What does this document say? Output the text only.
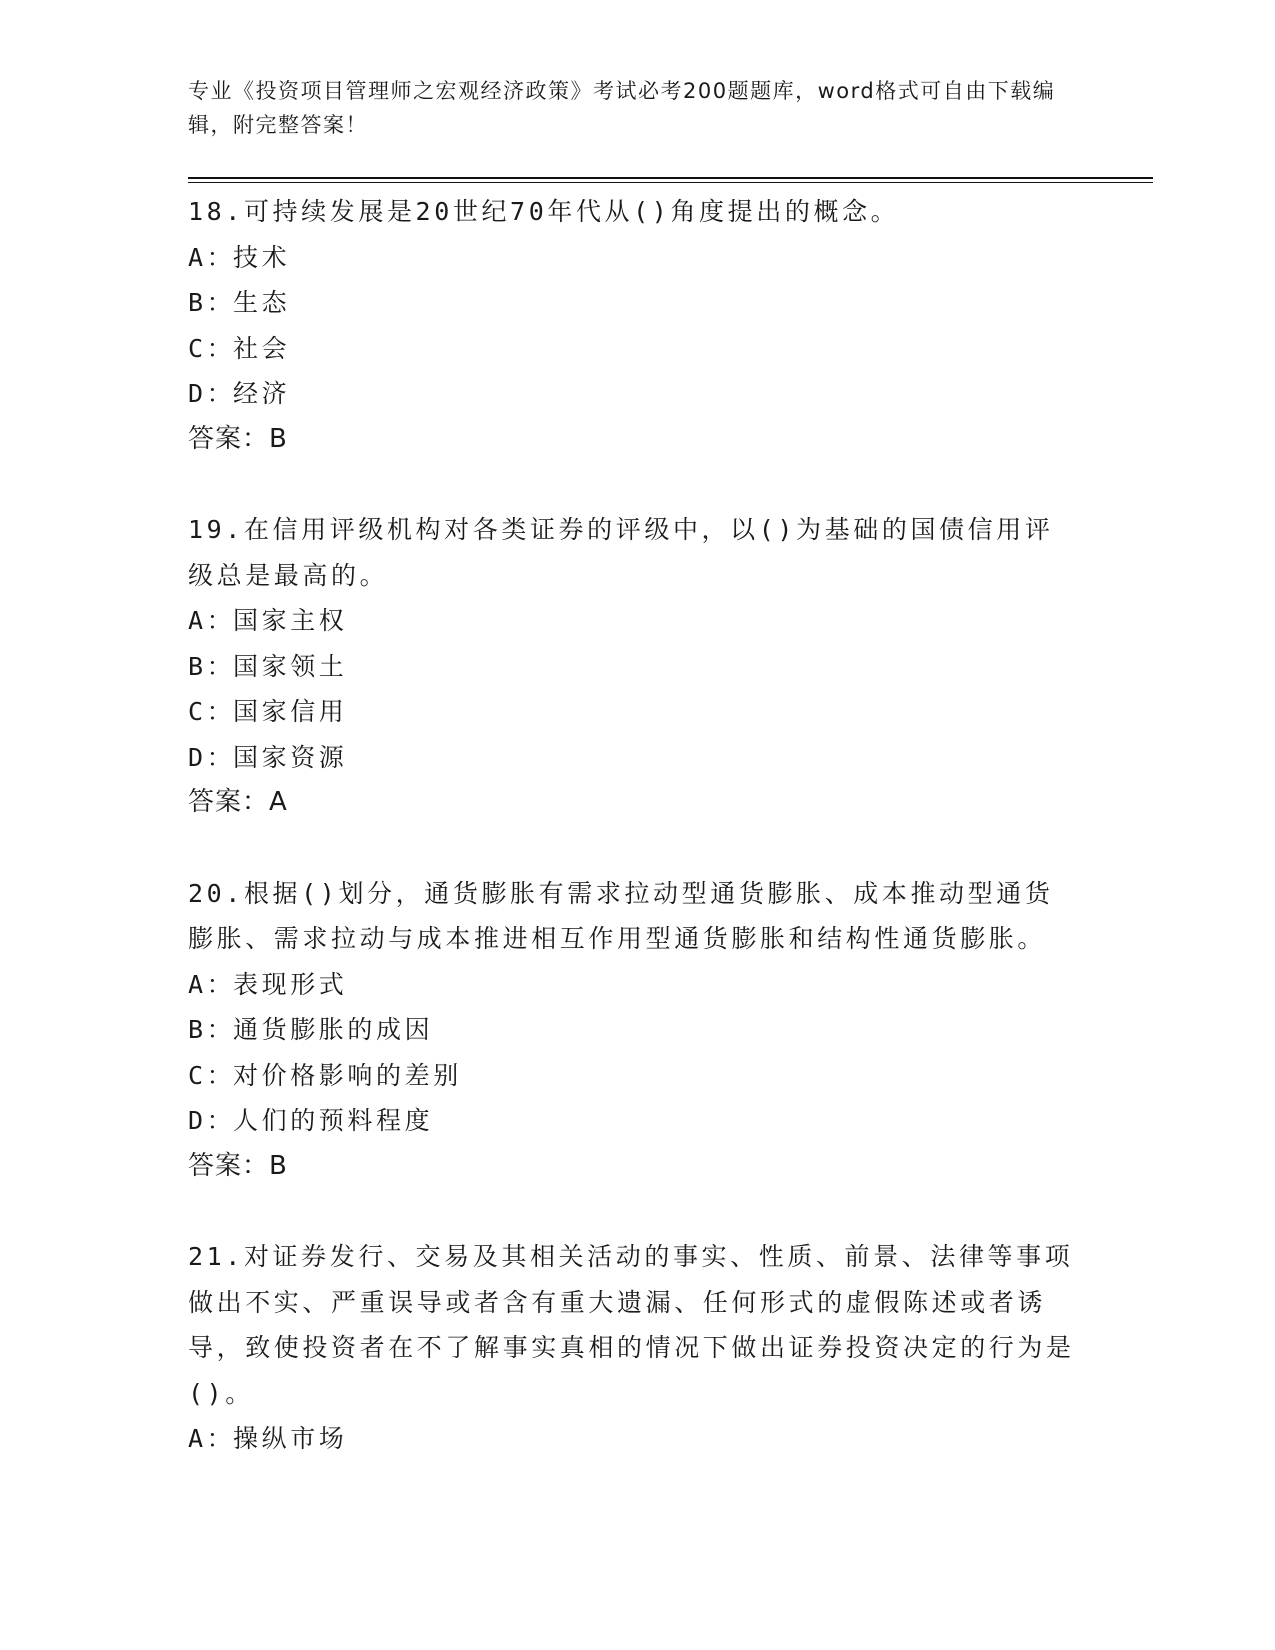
专业《投资项目管理师之宏观经济政策》考试必考200题题库，word格式可自由下载编辑，附完整答案！

18.可持续发展是20世纪70年代从()角度提出的概念。

A：技术

B：生态

C：社会

D：经济

答案：B

19.在信用评级机构对各类证券的评级中，以()为基础的国债信用评级总是最高的。

A：国家主权

B：国家领土

C：国家信用

D：国家资源

答案：A

20.根据()划分，通货膨胀有需求拉动型通货膨胀、成本推动型通货膨胀、需求拉动与成本推进相互作用型通货膨胀和结构性通货膨胀。

A：表现形式

B：通货膨胀的成因

C：对价格影响的差别

D：人们的预料程度

答案：B

21.对证券发行、交易及其相关活动的事实、性质、前景、法律等事项做出不实、严重误导或者含有重大遗漏、任何形式的虚假陈述或者诱导，致使投资者在不了解事实真相的情况下做出证券投资决定的行为是()。

A：操纵市场
